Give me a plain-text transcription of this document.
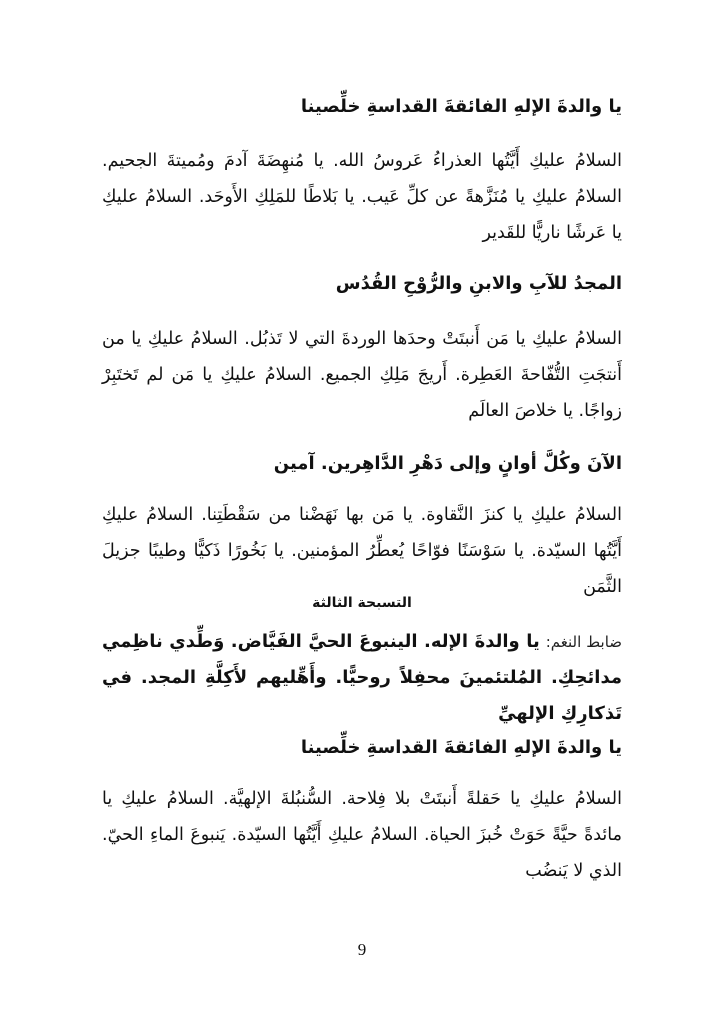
يا والدةَ الإلهِ الفائقةَ القداسةِ خلِّصينا
السلامُ عليكِ أَيَّتُها العذراءُ عَروسُ الله. يا مُنهِضَةَ آدمَ ومُميتةَ الجحيم. السلامُ عليكِ يا مُنَزَّهةً عن كلِّ عَيب. يا بَلاطًا للمَلِكِ الأَوحَد. السلامُ عليكِ يا عَرشًا ناريًّا للقَدير
المجدُ للآبِ والابنِ والرُّوْحِ القُدُس
السلامُ عليكِ يا مَن أَنبتَتْ وحدَها الوردةَ التي لا تَذبُل. السلامُ عليكِ يا من أَنتجَتِ التُّفّاحةَ العَطِرة. أَريجَ مَلِكِ الجميع. السلامُ عليكِ يا مَن لم تَختَبِرْ زواجًا. يا خلاصَ العالَم
الآنَ وكُلَّ أوانٍ وإلى دَهْرِ الدَّاهِرين. آمين
السلامُ عليكِ يا كنزَ النَّقاوة. يا مَن بها نَهَضْنا من سَقْطَتِنا. السلامُ عليكِ أَيَّتُها السيّدة. يا سَوْسَنًا فوّاحًا يُعطِّرُ المؤمنين. يا بَخُورًا ذَكيًّا وطيبًا جزيلَ الثَّمَن
التسبحة الثالثة
ضابط النغم: يا والدةَ الإله. الينبوعَ الحيَّ الفَيَّاض. وَطِّدي ناظِمي مدائحِكِ. المُلتئمينَ محفِلاً روحيًّا. وأَهِّليهم لأَكِلَّةِ المجد. في تَذكارِكِ الإلهيِّ
يا والدةَ الإلهِ الفائقةَ القداسةِ خلِّصينا
السلامُ عليكِ يا حَقلةً أَنبتَتْ بلا فِلاحة. السُّنبُلةَ الإلهيَّة. السلامُ عليكِ يا مائدةً حيَّةً حَوَتْ خُبزَ الحياة. السلامُ عليكِ أَيَّتُها السيّدة. يَنبوعَ الماءِ الحيّ. الذي لا يَنضُب
9
